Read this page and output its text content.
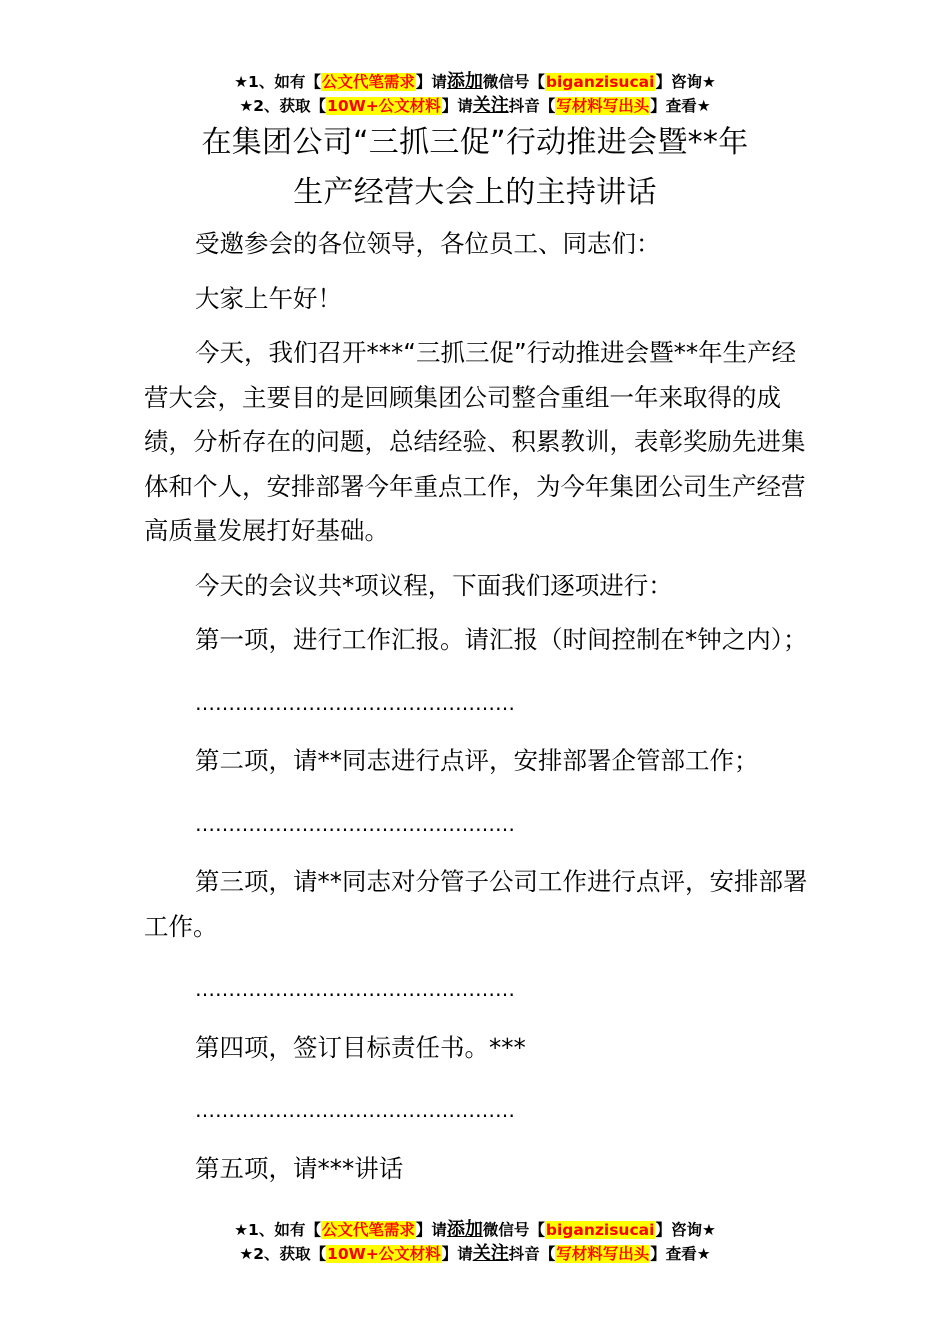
★1、如有【公文代笔需求】请添加微信号【biganzisucai】咨询★
★2、获取【10W+公文材料】请关注抖音【写材料写出头】查看★
在集团公司“三抓三促”行动推进会暨**年
生产经营大会上的主持讲话

受邀参会的各位领导，各位员工、同志们：

大家上午好！

今天，我们召开***“三抓三促”行动推进会暨**年生产经营大会，主要目的是回顾集团公司整合重组一年来取得的成绩，分析存在的问题，总结经验、积累教训，表彰奖励先进集体和个人，安排部署今年重点工作，为今年集团公司生产经营高质量发展打好基础。

今天的会议共*项议程，下面我们逐项进行：

第一项，进行工作汇报。请汇报（时间控制在*钟之内）；

…………………………………………

第二项，请**同志进行点评，安排部署企管部工作；

…………………………………………

第三项，请**同志对分管子公司工作进行点评，安排部署工作。

…………………………………………

第四项，签订目标责任书。***

…………………………………………

第五项，请***讲话

★1、如有【公文代笔需求】请添加微信号【biganzisucai】咨询★
★2、获取【10W+公文材料】请关注抖音【写材料写出头】查看★
